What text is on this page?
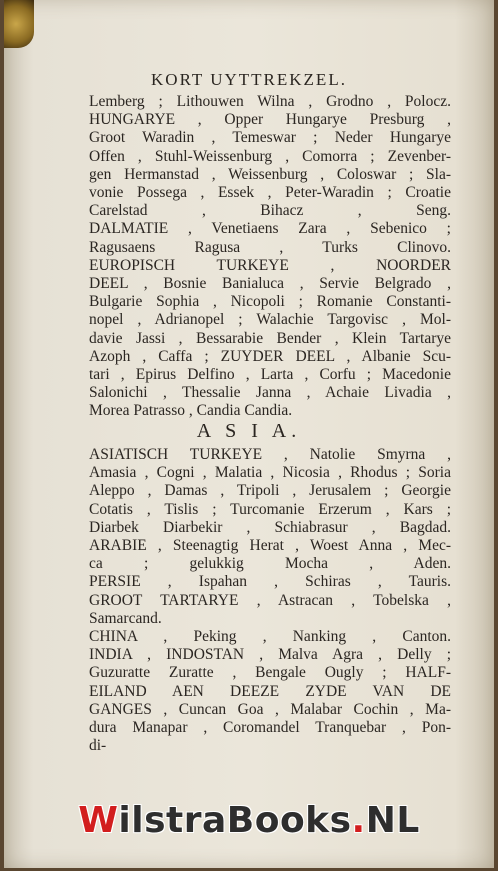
KORT UYTTREKZEL.
Lemberg ; Lithouwen Wilna , Grodno , Polocz.
HUNGARYE , Opper Hungarye Presburg ,
Groot Waradin , Temeswar ; Neder Hungarye
Offen , Stuhl-Weissenburg , Comorra ; Zevenber-
gen Hermanstad , Weissenburg , Coloswar ; Sla-
vonie Possega , Essek , Peter-Waradin ; Croatie
Carelstad , Bihacz , Seng.
DALMATIE , Venetiaens Zara , Sebenico ;
Ragusaens Ragusa , Turks Clinovo.
EUROPISCH TURKEYE , NOORDER
DEEL , Bosnie Banialuca , Servie Belgrado ,
Bulgarie Sophia , Nicopoli ; Romanie Constanti-
nopel , Adrianopel ; Walachie Targovisc , Mol-
davie Jassi , Bessarabie Bender , Klein Tartarye
Azoph , Caffa ; ZUYDER DEEL , Albanie Scu-
tari , Epirus Delfino , Larta , Corfu ; Macedonie
Salonichi , Thessalie Janna , Achaie Livadia ,
Morea Patrasso , Candia Candia.
A S I A.
ASIATISCH TURKEYE , Natolie Smyrna ,
Amasia , Cogni , Malatia , Nicosia , Rhodus ; Soria
Aleppo , Damas , Tripoli , Jerusalem ; Georgie
Cotatis , Tislis ; Turcomanie Erzerum , Kars ;
Diarbek Diarbekir , Schiabrasur , Bagdad.
ARABIE , Steenagtig Herat , Woest Anna , Mec-
ca ; gelukkig Mocha , Aden.
PERSIE , Ispahan , Schiras , Tauris.
GROOT TARTARYE , Astracan , Tobelska ,
Samarcand.
CHINA , Peking , Nanking , Canton.
INDIA , INDOSTAN , Malva Agra , Delly ;
Guzuratte Zuratte , Bengale Ougly ; HALF-
EILAND AEN DEEZE ZYDE VAN DE
GANGES , Cuncan Goa , Malabar Cochin , Ma-
dura Manapar , Coromandel Tranquebar , Pon-
di-
WilstraBooks.NL
